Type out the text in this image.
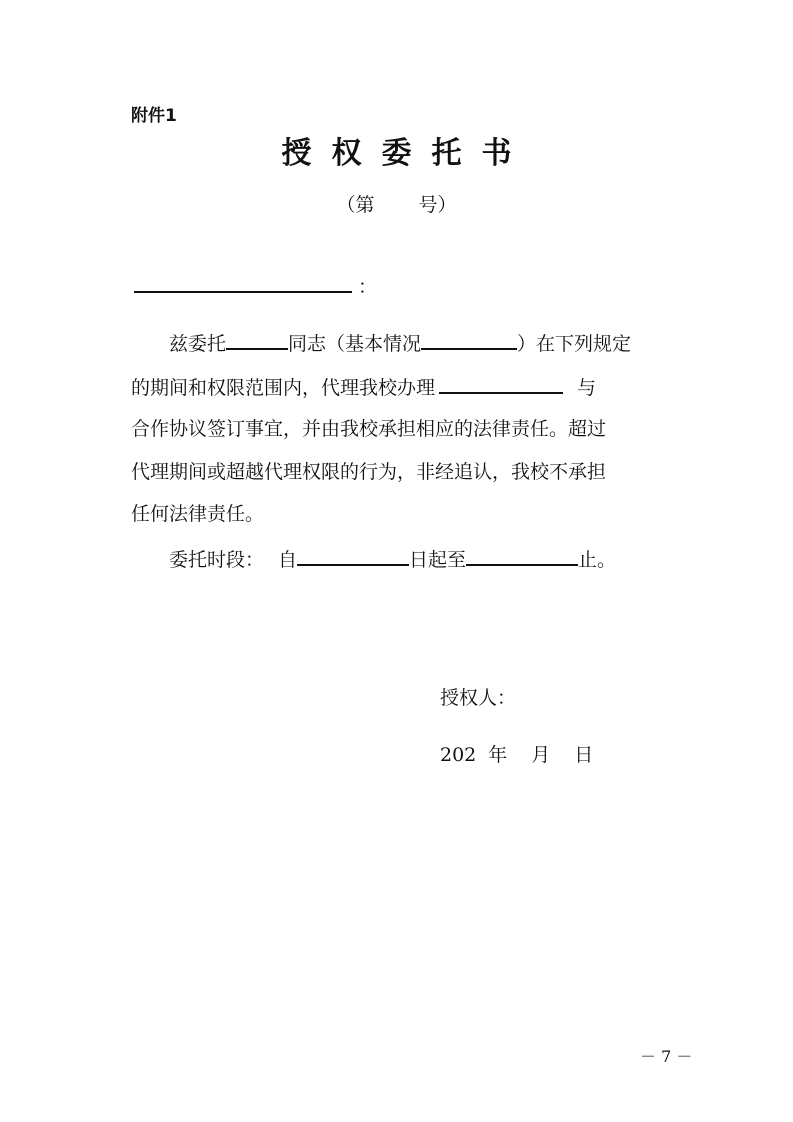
附件1
授权委托书
（第 号）
：
兹委托	同志（基本情况	）在下列规定
的期间和权限范围内，代理我校办理	与
合作协议签订事宜，并由我校承担相应的法律责任。超过
代理期间或超越代理权限的行为，非经追认，我校不承担
任何法律责任。
委托时段： 自	日起至	止。
授权人：
202 年 月 日
－ 7 －
